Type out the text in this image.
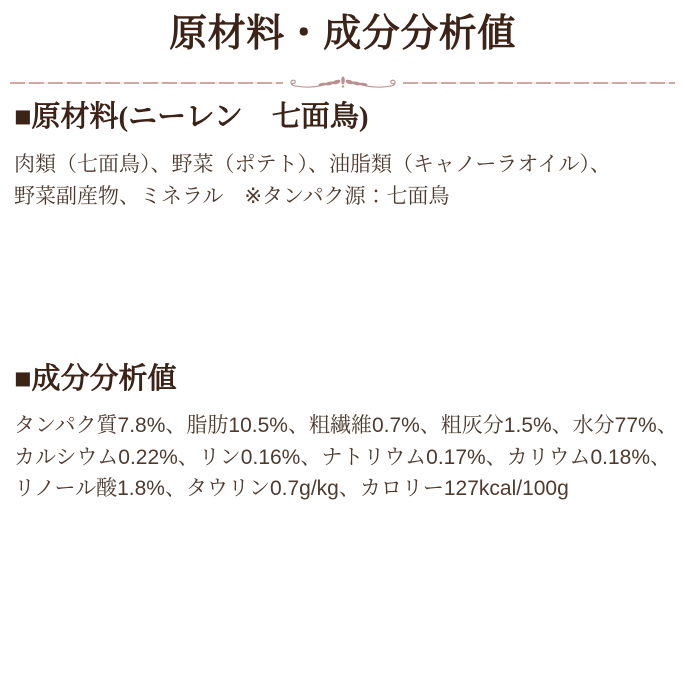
原材料・成分分析値
■原材料(ニーレン　七面鳥)

肉類（七面鳥）、野菜（ポテト）、油脂類（キャノーラオイル）、

野菜副産物、ミネラル　※タンパク源：七面鳥

■成分分析値

タンパク質7.8%、脂肪10.5%、粗繊維0.7%、粗灰分1.5%、水分77%、

カルシウム0.22%、リン0.16%、ナトリウム0.17%、カリウム0.18%、

リノール酸1.8%、タウリン0.7g/kg、カロリー127kcal/100g
